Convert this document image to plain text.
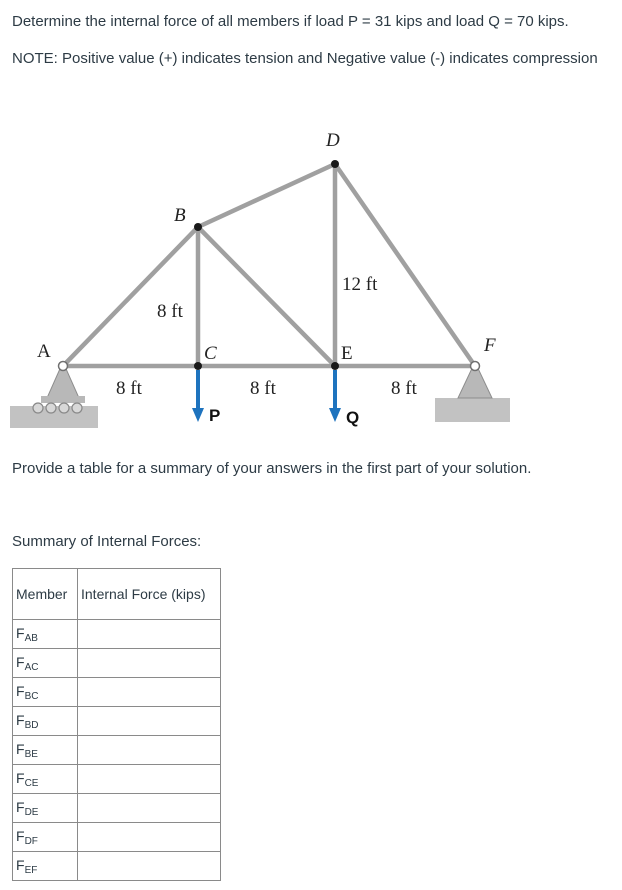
Determine the internal force of all members if load P = 31 kips and load Q = 70 kips.
NOTE: Positive value (+) indicates tension and Negative value (-) indicates compression
A
B
C
D
E	F
8 ft
12 ft
8 ft	8 ft	8 ft
P	Q
Provide a table for a summary of your answers in the first part of your solution.
Summary of Internal Forces:
Member	Internal Force (kips)
$F_{AB}$	
$F_{AC}$	
$F_{BC}$	
$F_{BD}$	
$F_{BE}$	
$F_{CE}$	
$F_{DE}$	
$F_{DF}$	
$F_{EF}$	
